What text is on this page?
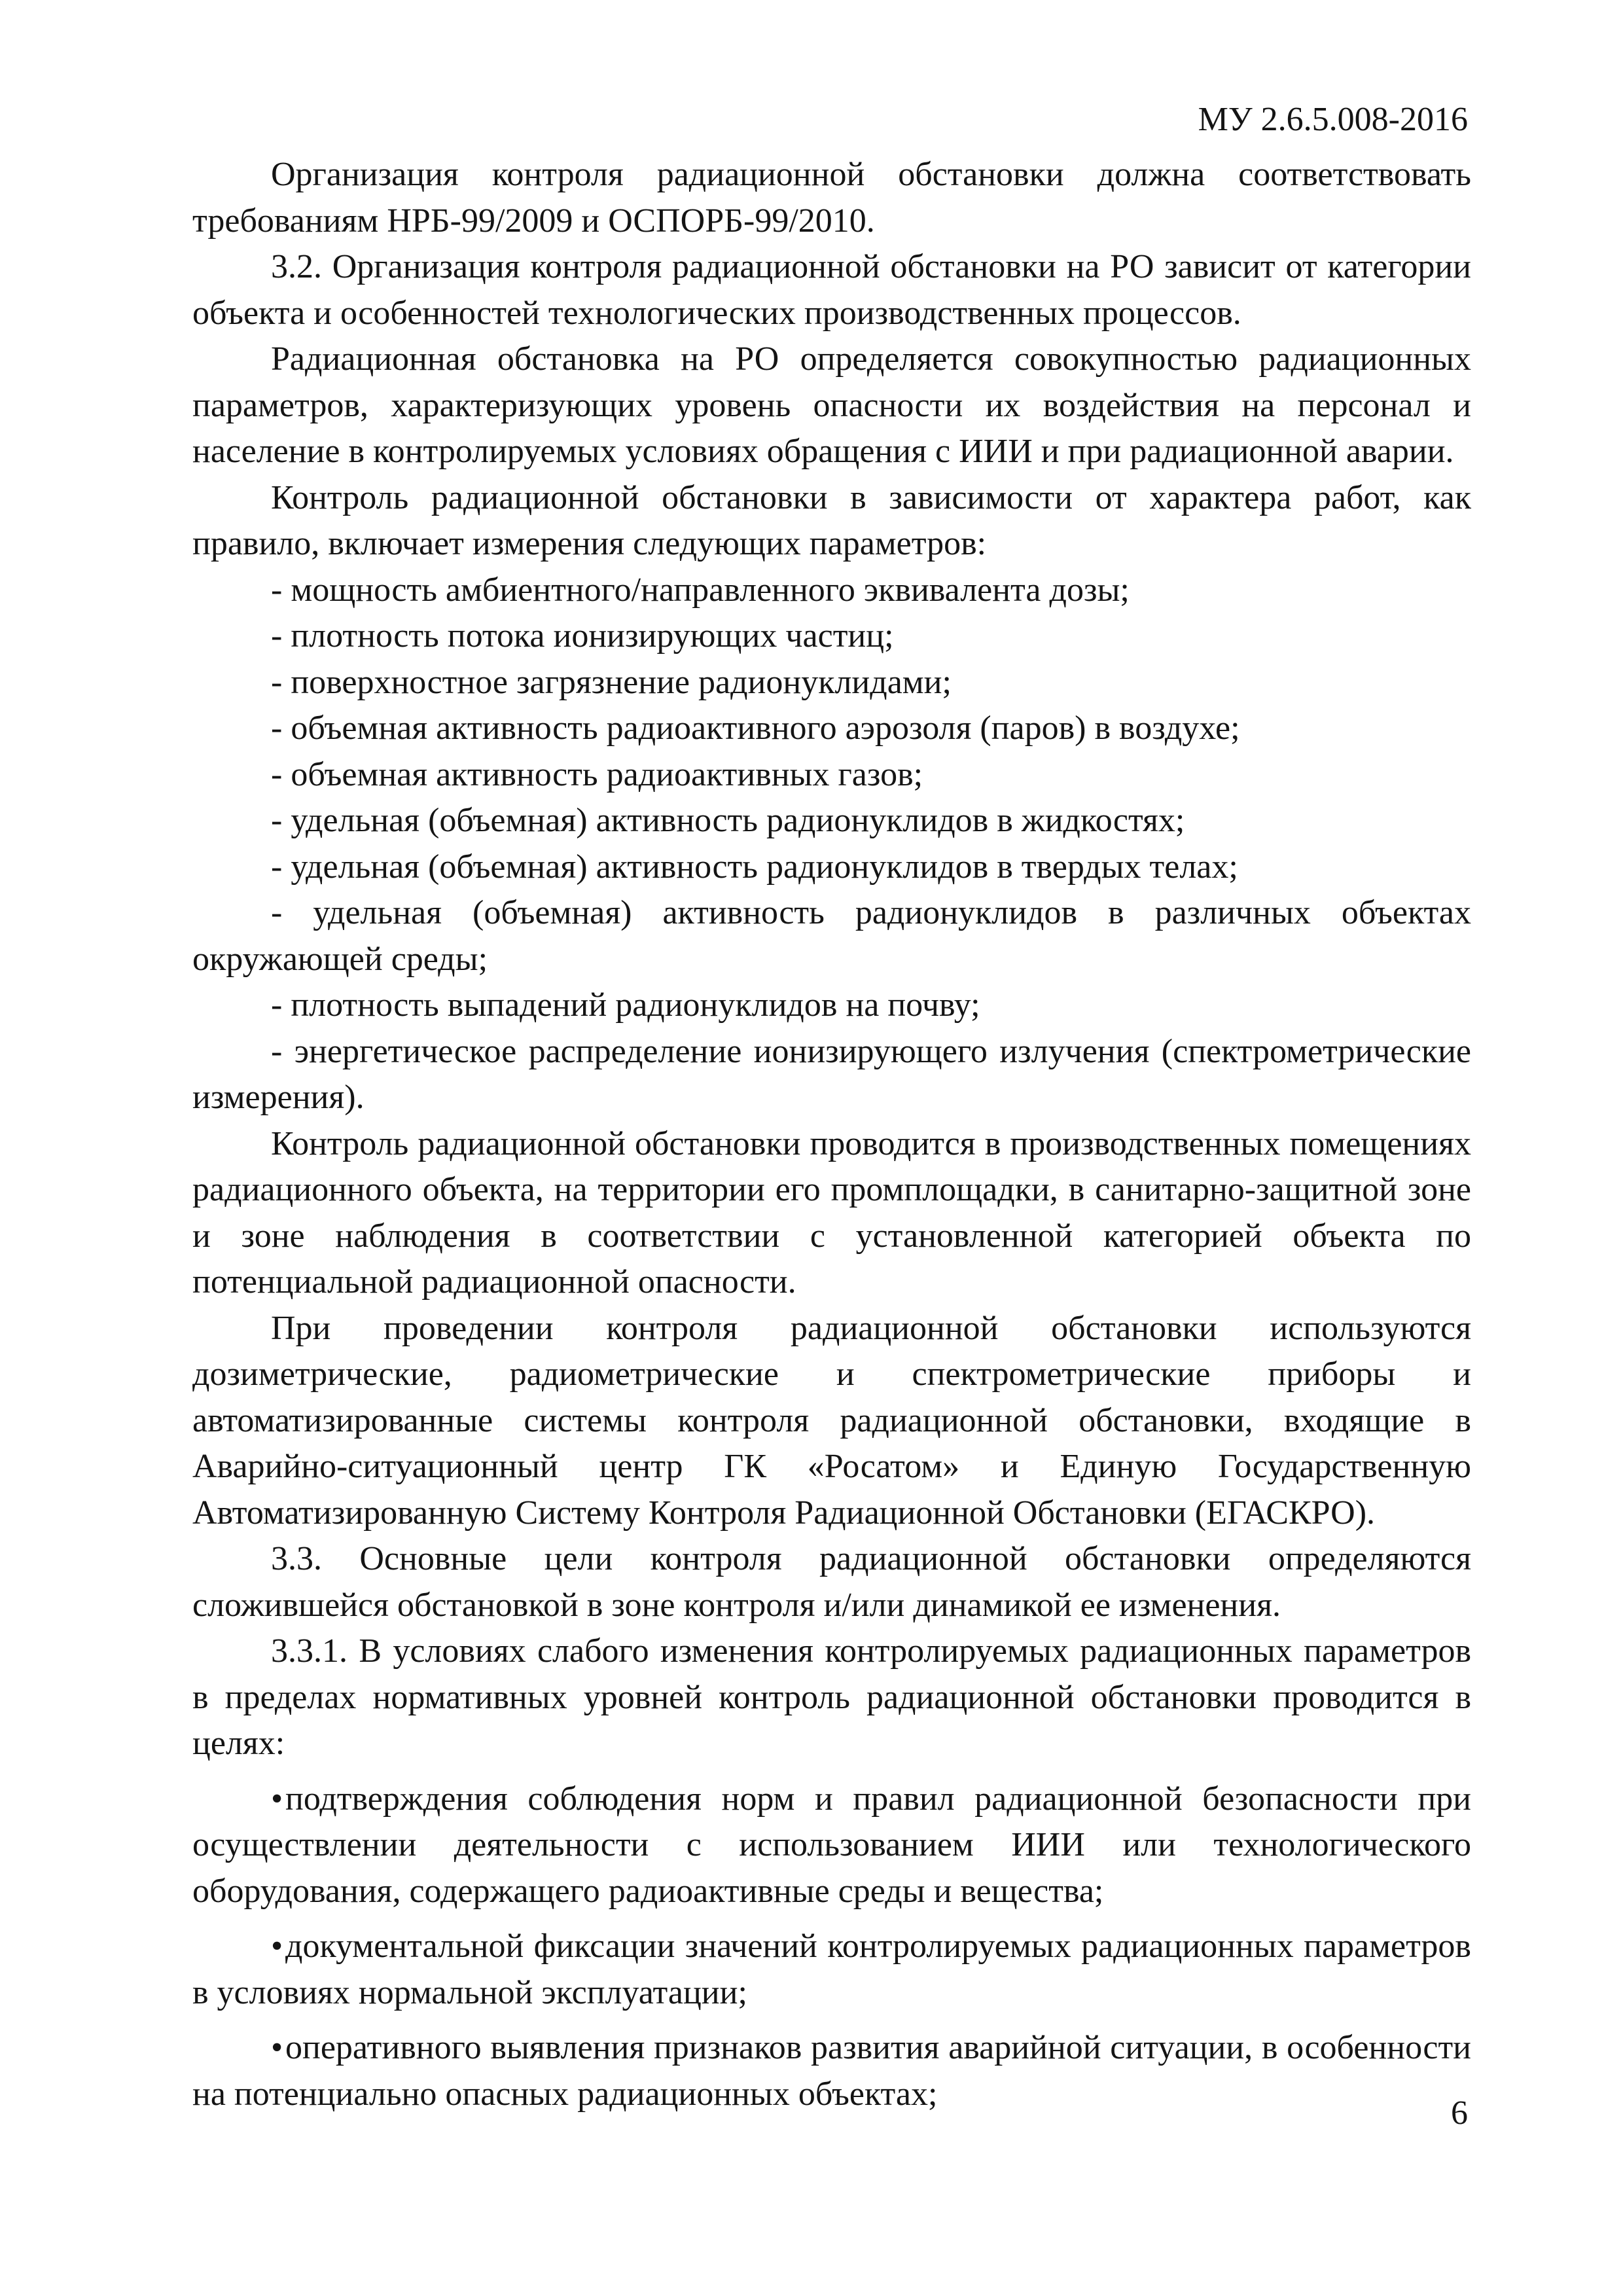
МУ 2.6.5.008-2016

Организация контроля радиационной обстановки должна соответствовать требованиям НРБ-99/2009 и ОСПОРБ-99/2010.

3.2. Организация контроля радиационной обстановки на РО зависит от категории объекта и особенностей технологических производственных процессов.

Радиационная обстановка на РО определяется совокупностью радиационных параметров, характеризующих уровень опасности их воздействия на персонал и население в контролируемых условиях обращения с ИИИ и при радиационной аварии.

Контроль радиационной обстановки в зависимости от характера работ, как правило, включает измерения следующих параметров:

- мощность амбиентного/направленного эквивалента дозы;

- плотность потока ионизирующих частиц;

- поверхностное загрязнение радионуклидами;

- объемная активность радиоактивного аэрозоля (паров) в воздухе;

- объемная активность радиоактивных газов;

- удельная (объемная) активность радионуклидов в жидкостях;

- удельная (объемная) активность радионуклидов в твердых телах;

- удельная (объемная) активность радионуклидов в различных объектах окружающей среды;

- плотность выпадений радионуклидов на почву;

- энергетическое распределение ионизирующего излучения (спектрометрические измерения).

Контроль радиационной обстановки проводится в производственных помещениях радиационного объекта, на территории его промплощадки, в санитарно-защитной зоне и зоне наблюдения в соответствии с установленной категорией объекта по потенциальной радиационной опасности.

При проведении контроля радиационной обстановки используются дозиметрические, радиометрические и спектрометрические приборы и автоматизированные системы контроля радиационной обстановки, входящие в Аварийно-ситуационный центр ГК «Росатом» и Единую Государственную Автоматизированную Систему Контроля Радиационной Обстановки (ЕГАСКРО).

3.3. Основные цели контроля радиационной обстановки определяются сложившейся обстановкой в зоне контроля и/или динамикой ее изменения.

3.3.1. В условиях слабого изменения контролируемых радиационных параметров в пределах нормативных уровней контроль радиационной обстановки проводится в целях:

•подтверждения соблюдения норм и правил радиационной безопасности при осуществлении деятельности с использованием ИИИ или технологического оборудования, содержащего радиоактивные среды и вещества;

•документальной фиксации значений контролируемых радиационных параметров в условиях нормальной эксплуатации;

•оперативного выявления признаков развития аварийной ситуации, в особенности на потенциально опасных радиационных объектах;

6
